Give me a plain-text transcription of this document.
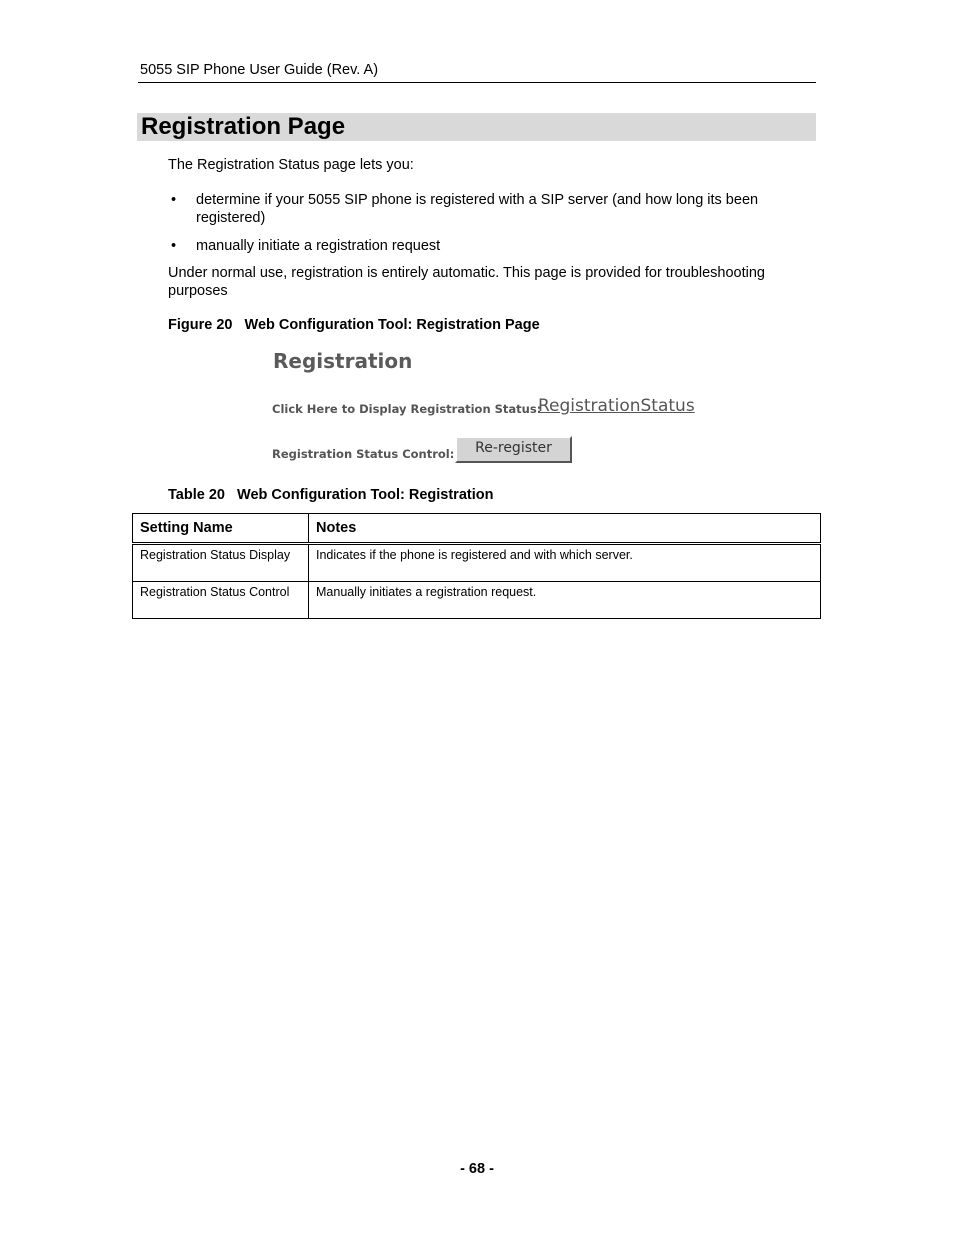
5055 SIP Phone User Guide (Rev. A)
Registration Page
The Registration Status page lets you:
• determine if your 5055 SIP phone is registered with a SIP server (and how long its been registered)
• manually initiate a registration request
Under normal use, registration is entirely automatic. This page is provided for troubleshooting purposes
Figure 20   Web Configuration Tool: Registration Page
Registration
Click Here to Display Registration Status:
RegistrationStatus
Registration Status Control:	Re-register
Table 20   Web Configuration Tool: Registration
Setting Name	Notes
Registration Status Display	Indicates if the phone is registered and with which server.
Registration Status Control	Manually initiates a registration request.
- 68 -
